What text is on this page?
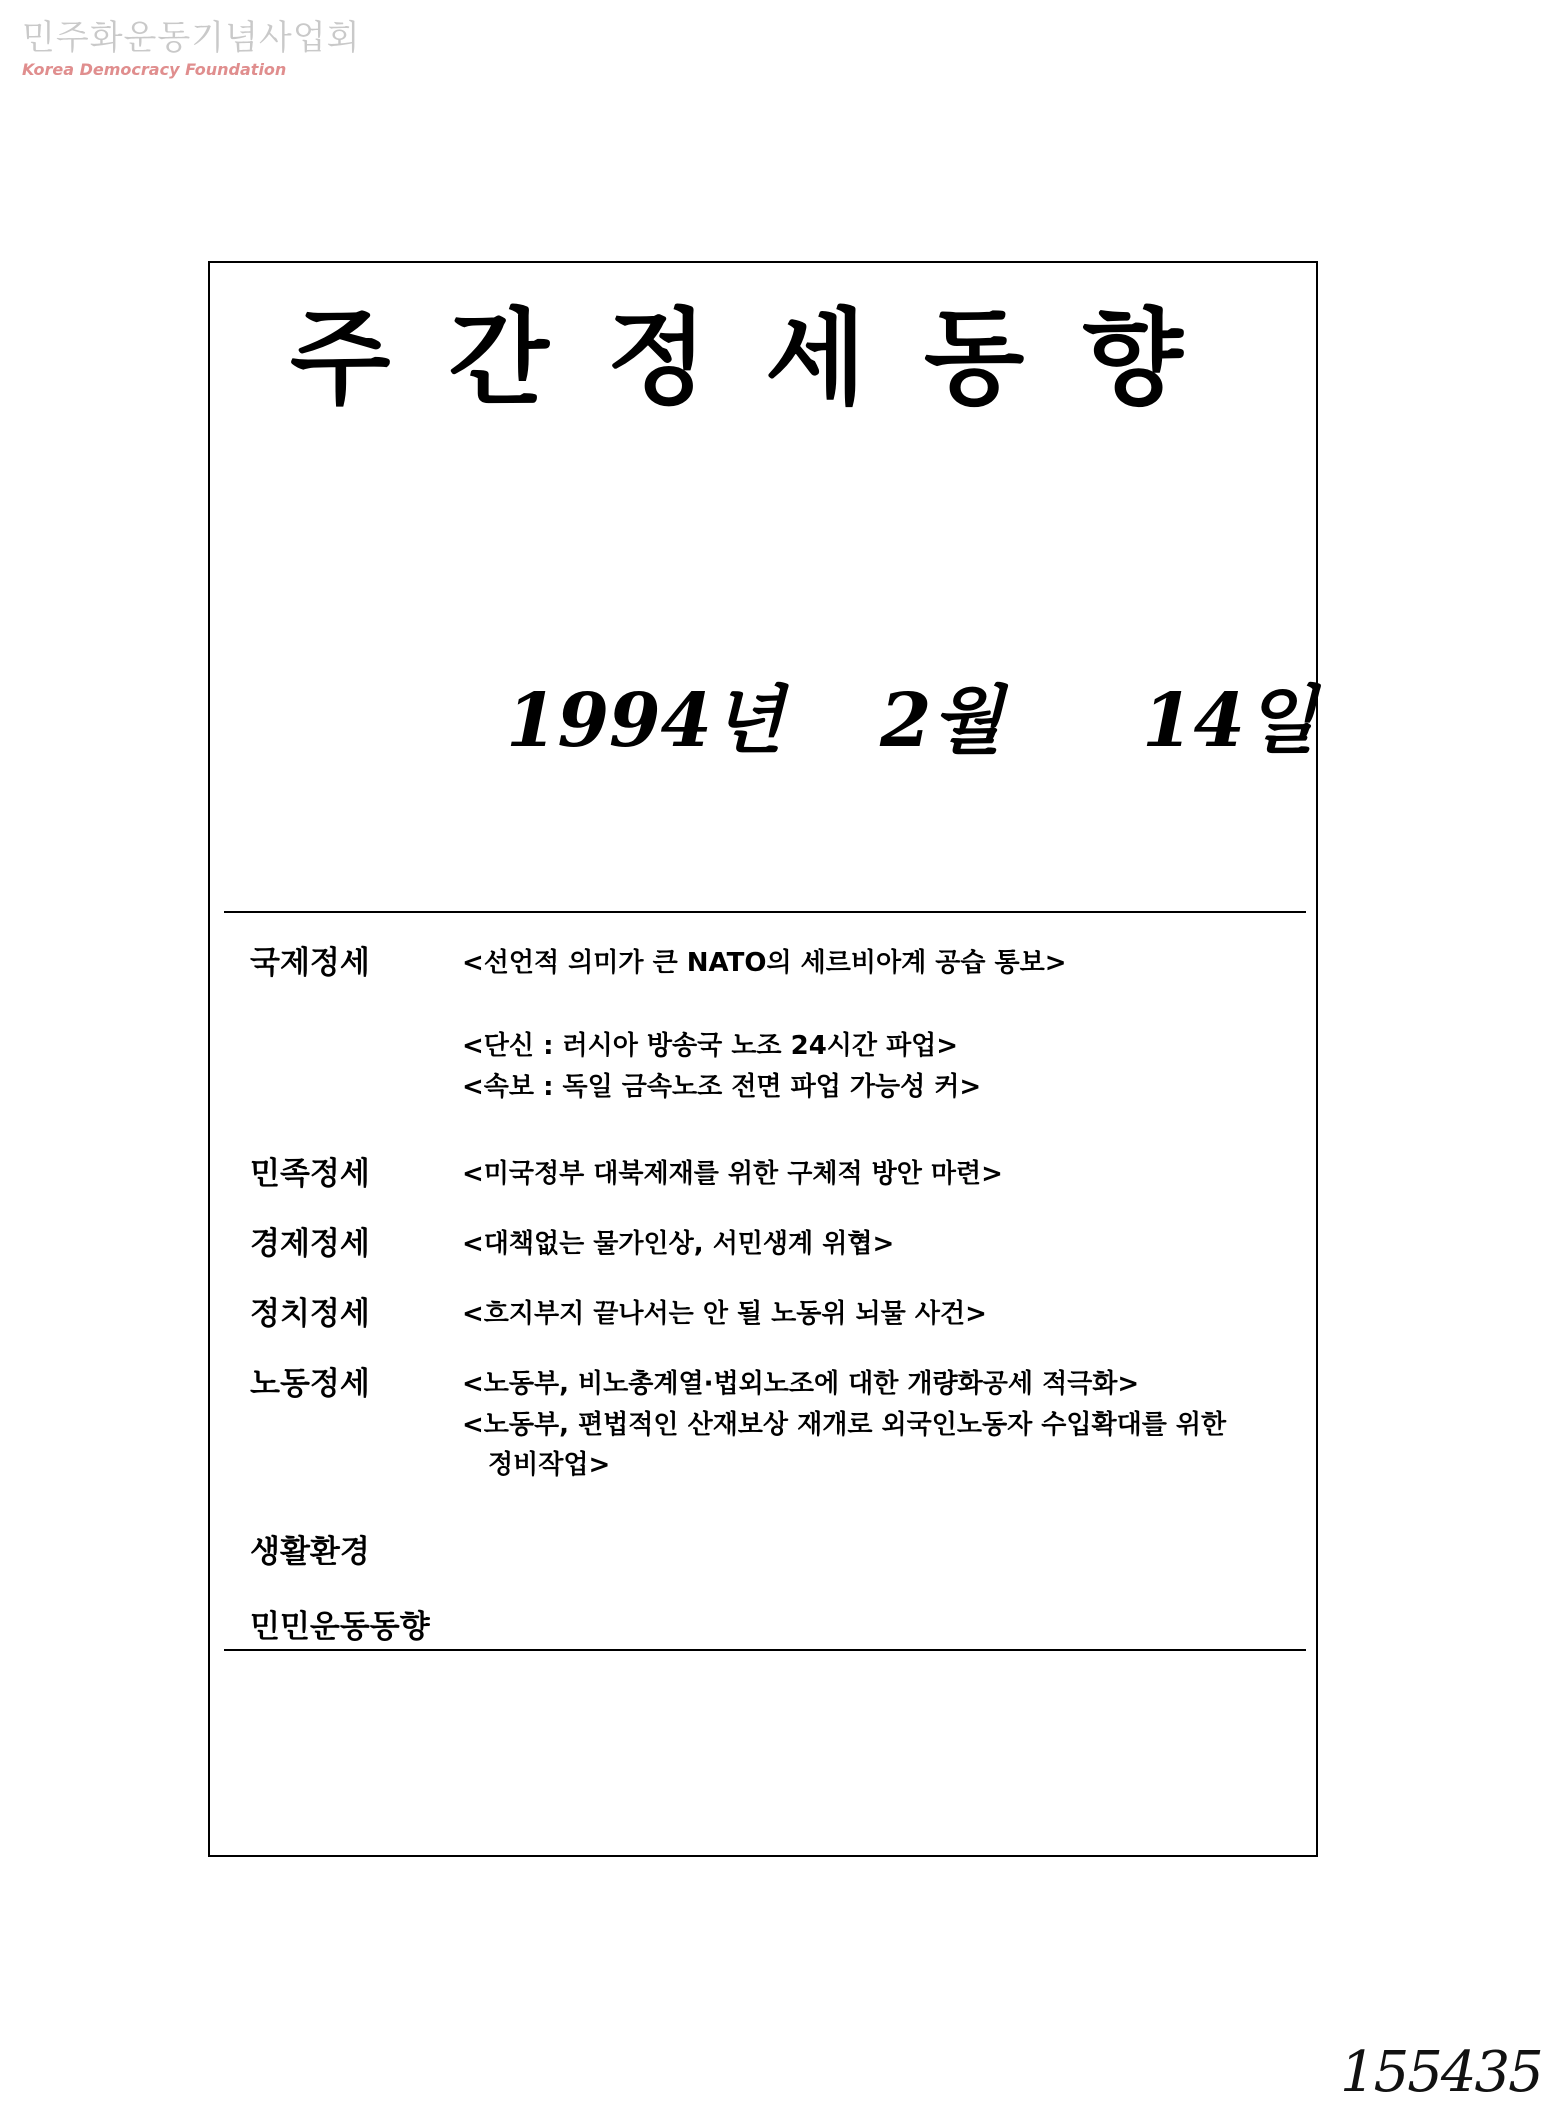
민주화운동기념사업회
Korea Democracy Foundation
주간정세동향
1994년 2월 14일
국제정세	<선언적 의미가 큰 NATO의 세르비아계 공습 통보>
<단신 : 러시아 방송국 노조 24시간 파업>
<속보 : 독일 금속노조 전면 파업 가능성 커>
민족정세	<미국정부 대북제재를 위한 구체적 방안 마련>
경제정세	<대책없는 물가인상, 서민생계 위협>
정치정세	<흐지부지 끝나서는 안 될 노동위 뇌물 사건>
노동정세	<노동부, 비노총계열·법외노조에 대한 개량화공세 적극화>
<노동부, 편법적인 산재보상 재개로 외국인노동자 수입확대를 위한 정비작업>
생활환경
민민운동동향
155435
